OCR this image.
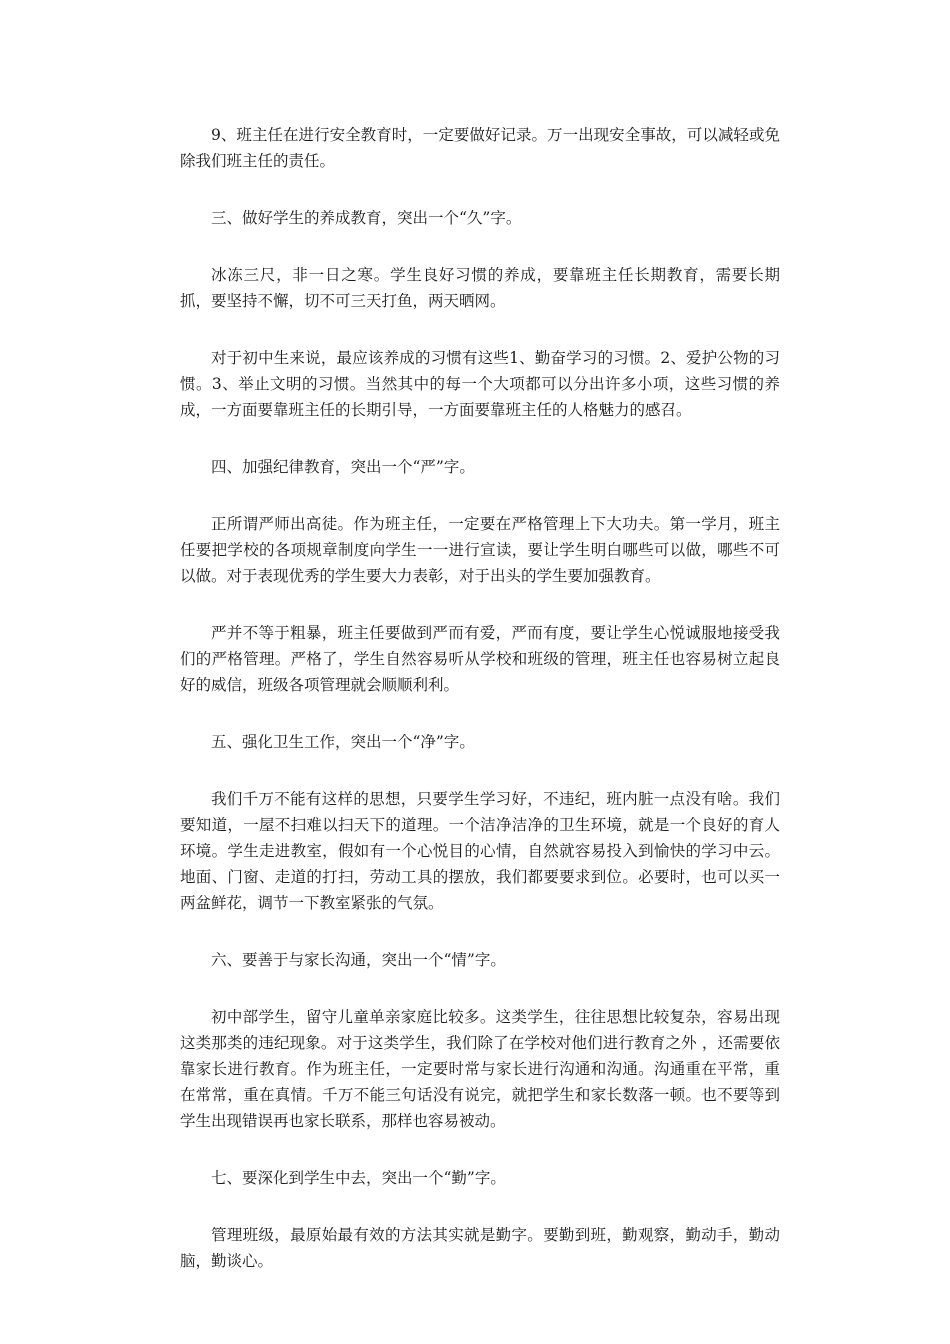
9、班主任在进行安全教育时，一定要做好记录。万一出现安全事故，可以减轻或免除我们班主任的责任。

三、做好学生的养成教育，突出一个“久”字。

冰冻三尺，非一日之寒。学生良好习惯的养成，要靠班主任长期教育，需要长期抓，要坚持不懈，切不可三天打鱼，两天晒网。

对于初中生来说，最应该养成的习惯有这些1、勤奋学习的习惯。2、爱护公物的习惯。3、举止文明的习惯。当然其中的每一个大项都可以分出许多小项，这些习惯的养成，一方面要靠班主任的长期引导，一方面要靠班主任的人格魅力的感召。

四、加强纪律教育，突出一个“严”字。

正所谓严师出高徒。作为班主任，一定要在严格管理上下大功夫。第一学月，班主任要把学校的各项规章制度向学生一一进行宣读，要让学生明白哪些可以做，哪些不可以做。对于表现优秀的学生要大力表彰，对于出头的学生要加强教育。

严并不等于粗暴，班主任要做到严而有爱，严而有度，要让学生心悦诚服地接受我们的严格管理。严格了，学生自然容易听从学校和班级的管理，班主任也容易树立起良好的威信，班级各项管理就会顺顺利利。

五、强化卫生工作，突出一个“净”字。

我们千万不能有这样的思想，只要学生学习好，不违纪，班内脏一点没有啥。我们要知道，一屋不扫难以扫天下的道理。一个洁净洁净的卫生环境，就是一个良好的育人环境。学生走进教室，假如有一个心悦目的心情，自然就容易投入到愉快的学习中云。地面、门窗、走道的打扫，劳动工具的摆放，我们都要要求到位。必要时，也可以买一两盆鲜花，调节一下教室紧张的气氛。

六、要善于与家长沟通，突出一个“情”字。

初中部学生，留守儿童单亲家庭比较多。这类学生，往往思想比较复杂，容易出现这类那类的违纪现象。对于这类学生，我们除了在学校对他们进行教育之外 ，还需要依靠家长进行教育。作为班主任，一定要时常与家长进行沟通和沟通。沟通重在平常，重在常常，重在真情。千万不能三句话没有说完，就把学生和家长数落一顿。也不要等到学生出现错误再也家长联系，那样也容易被动。

七、要深化到学生中去，突出一个“勤”字。

管理班级，最原始最有效的方法其实就是勤字。要勤到班，勤观察，勤动手，勤动脑，勤谈心。
